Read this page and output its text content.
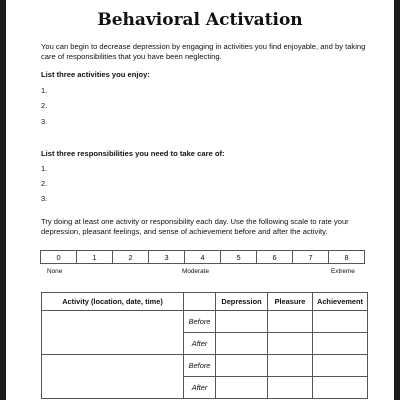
Behavioral Activation
You can begin to decrease depression by engaging in activities you find enjoyable, and by taking care of responsibilities that you have been neglecting.
List three activities you enjoy:
1.
2.
3.
List three responsibilities you need to take care of:
1.
2.
3.
Try doing at least one activity or responsibility each day. Use the following scale to rate your depression, pleasant feelings, and sense of achievement before and after the activity.
0	1	2	3	4	5	6	7	8
None	Moderate	Extreme
Activity (location, date, time)		Depression	Pleasure	Achievement
	Before			
	After			
	Before			
	After			
